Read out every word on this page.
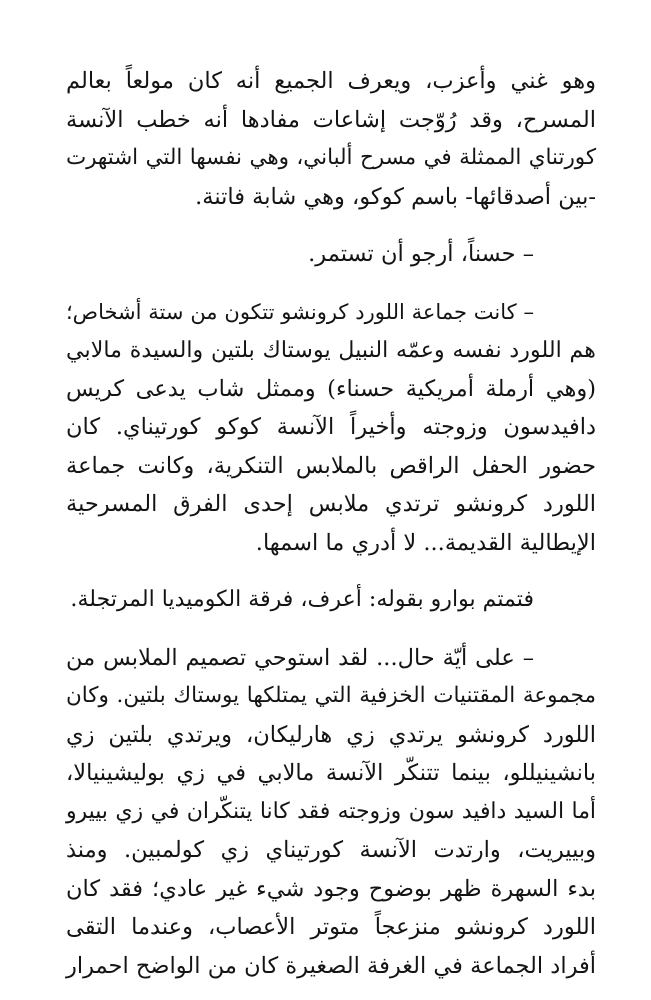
وهو غني وأعزب، ويعرف الجميع أنه كان مولعاً بعالم
المسرح، وقد رُوّجت إشاعات مفادها أنه خطب الآنسة
كورتناي الممثلة في مسرح ألباني، وهي نفسها التي اشتهرت
-بين أصدقائها- باسم كوكو، وهي شابة فاتنة.

– حسناً، أرجو أن تستمر.

– كانت جماعة اللورد كرونشو تتكون من ستة أشخاص؛
هم اللورد نفسه وعمّه النبيل يوستاك بلتين والسيدة مالابي
(وهي أرملة أمريكية حسناء) وممثل شاب يدعى كريس
دافيدسون وزوجته وأخيراً الآنسة كوكو كورتيناي. كان
حضور الحفل الراقص بالملابس التنكرية، وكانت جماعة
اللورد كرونشو ترتدي ملابس إحدى الفرق المسرحية
الإيطالية القديمة... لا أدري ما اسمها.

فتمتم بوارو بقوله: أعرف، فرقة الكوميديا المرتجلة.

– على أيّة حال... لقد استوحي تصميم الملابس من
مجموعة المقتنيات الخزفية التي يمتلكها يوستاك بلتين. وكان
اللورد كرونشو يرتدي زي هارليكان، ويرتدي بلتين زي
بانشينيللو، بينما تتنكّر الآنسة مالابي في زي بوليشينيالا،
أما السيد دافيد سون وزوجته فقد كانا يتنكّران في زي بييرو
وبييريت، وارتدت الآنسة كورتيناي زي كولمبين. ومنذ
بدء السهرة ظهر بوضوح وجود شيء غير عادي؛ فقد كان
اللورد كرونشو منزعجاً متوتر الأعصاب، وعندما التقى
أفراد الجماعة في الغرفة الصغيرة كان من الواضح احمرار
